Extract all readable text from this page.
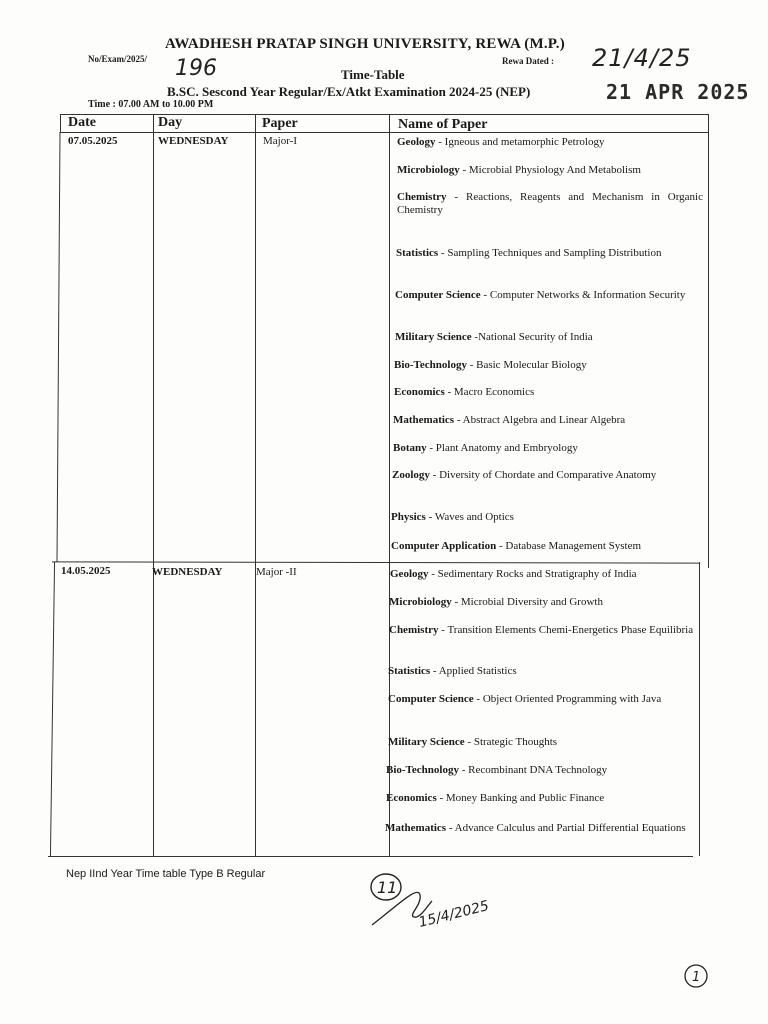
AWADHESH PRATAP SINGH UNIVERSITY, REWA (M.P.)
No/Exam/2025/ 196	Rewa Dated : 21/4/25
Time-Table
B.SC. Sescond Year Regular/Ex/Atkt Examination 2024-25 (NEP)	21 APR 2025
Time : 07.00 AM to 10.00 PM
Date	Day	Paper	Name of Paper
07.05.2025	WEDNESDAY	Major-I	Geology - Igneous and metamorphic Petrology
Microbiology - Microbial Physiology And Metabolism
Chemistry - Reactions, Reagents and Mechanism in Organic Chemistry
Statistics - Sampling Techniques and Sampling Distribution
Computer Science - Computer Networks & Information Security
Military Science -National Security of India
Bio-Technology - Basic Molecular Biology
Economics - Macro Economics
Mathematics - Abstract Algebra and Linear Algebra
Botany - Plant Anatomy and Embryology
Zoology - Diversity of Chordate and Comparative Anatomy
Physics - Waves and Optics
Computer Application - Database Management System
14.05.2025	WEDNESDAY	Major -II	Geology - Sedimentary Rocks and Stratigraphy of India
Microbiology - Microbial Diversity and Growth
Chemistry - Transition Elements Chemi-Energetics Phase Equilibria
Statistics - Applied Statistics
Computer Science - Object Oriented Programming with Java
Military Science - Strategic Thoughts
Bio-Technology - Recombinant DNA Technology
Economics - Money Banking and Public Finance
Mathematics - Advance Calculus and Partial Differential Equations
Nep IInd Year Time table Type B Regular
11
15/4/2025
1
